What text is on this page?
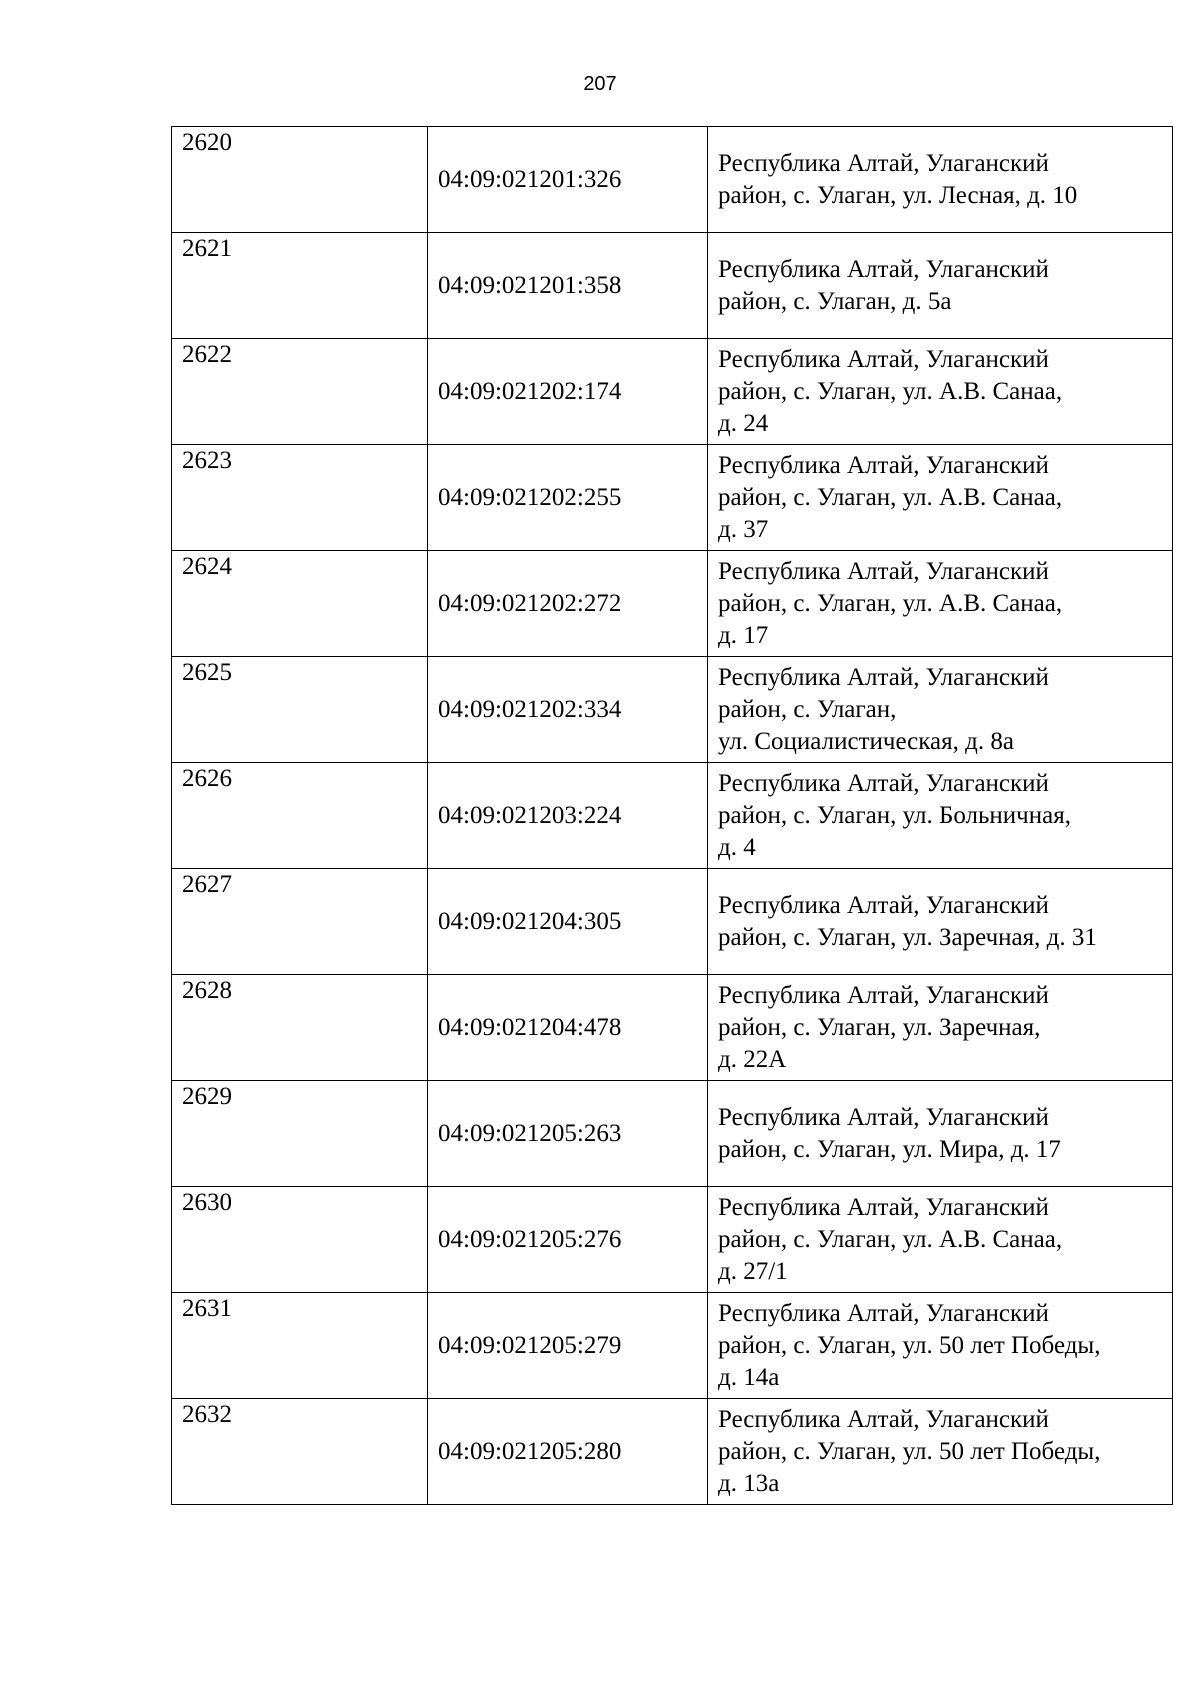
207
2620	04:09:021201:326	Республика Алтай, Улаганский
район, с. Улаган, ул. Лесная, д. 10
2621	04:09:021201:358	Республика Алтай, Улаганский
район, с. Улаган, д. 5а
2622	04:09:021202:174	Республика Алтай, Улаганский
район, с. Улаган, ул. А.В. Санаа,
д. 24
2623	04:09:021202:255	Республика Алтай, Улаганский
район, с. Улаган, ул. А.В. Санаа,
д. 37
2624	04:09:021202:272	Республика Алтай, Улаганский
район, с. Улаган, ул. А.В. Санаа,
д. 17
2625	04:09:021202:334	Республика Алтай, Улаганский
район, с. Улаган,
ул. Социалистическая, д. 8а
2626	04:09:021203:224	Республика Алтай, Улаганский
район, с. Улаган, ул. Больничная,
д. 4
2627	04:09:021204:305	Республика Алтай, Улаганский
район, с. Улаган, ул. Заречная, д. 31
2628	04:09:021204:478	Республика Алтай, Улаганский
район, с. Улаган, ул. Заречная,
д. 22А
2629	04:09:021205:263	Республика Алтай, Улаганский
район, с. Улаган, ул. Мира, д. 17
2630	04:09:021205:276	Республика Алтай, Улаганский
район, с. Улаган, ул. А.В. Санаа,
д. 27/1
2631	04:09:021205:279	Республика Алтай, Улаганский
район, с. Улаган, ул. 50 лет Победы,
д. 14а
2632	04:09:021205:280	Республика Алтай, Улаганский
район, с. Улаган, ул. 50 лет Победы,
д. 13а
